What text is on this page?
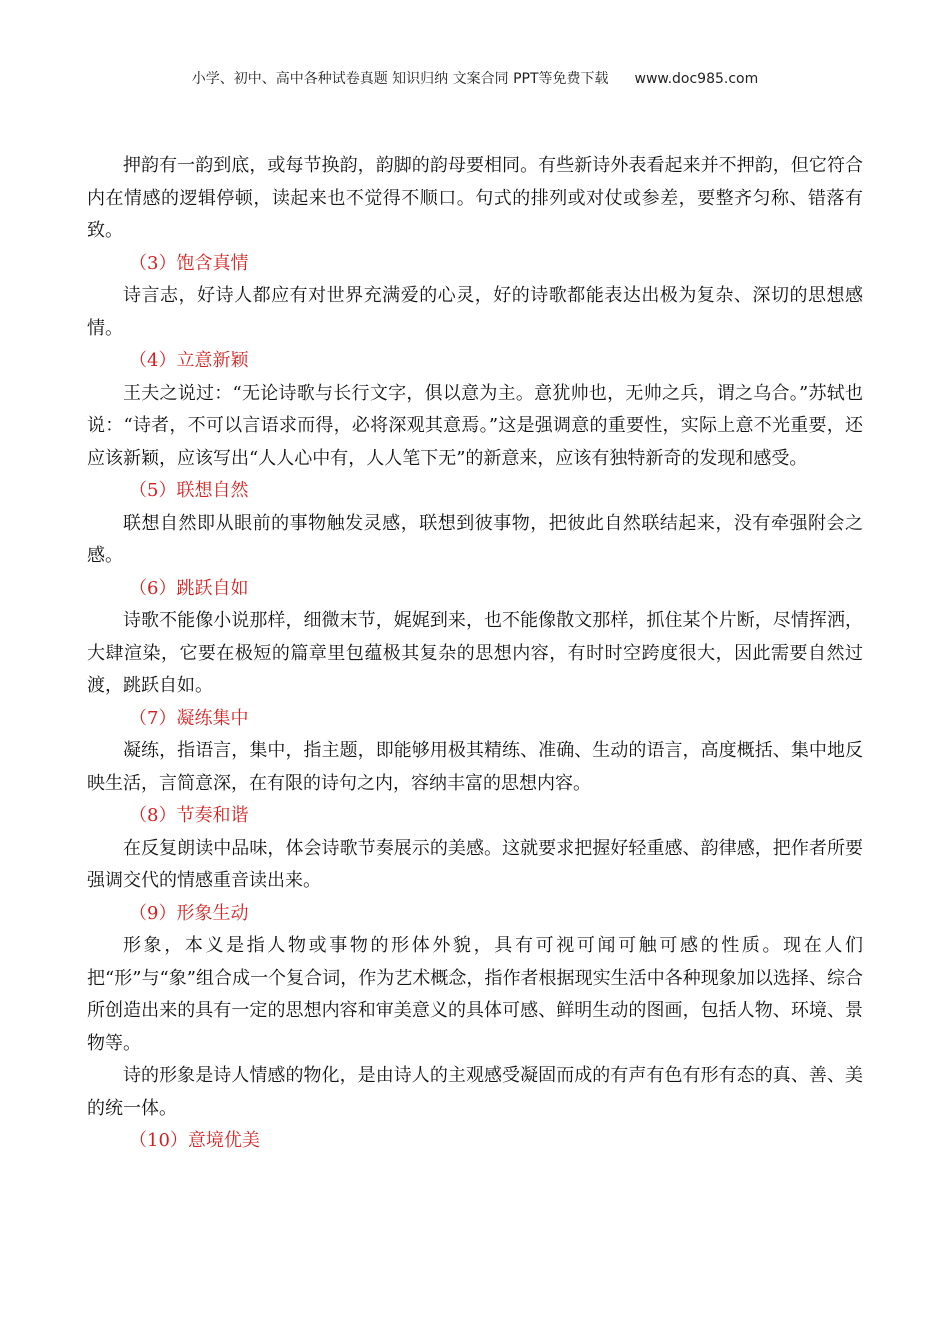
小学、初中、高中各种试卷真题 知识归纳 文案合同 PPT等免费下载 www.doc985.com

押韵有一韵到底，或每节换韵，韵脚的韵母要相同。有些新诗外表看起来并不押韵，但它符合内在情感的逻辑停顿，读起来也不觉得不顺口。句式的排列或对仗或参差，要整齐匀称、错落有致。

（3）饱含真情

诗言志，好诗人都应有对世界充满爱的心灵，好的诗歌都能表达出极为复杂、深切的思想感情。

（4）立意新颖

王夫之说过：“无论诗歌与长行文字，俱以意为主。意犹帅也，无帅之兵，谓之乌合。”苏轼也说：“诗者，不可以言语求而得，必将深观其意焉。”这是强调意的重要性，实际上意不光重要，还应该新颖，应该写出“人人心中有，人人笔下无”的新意来，应该有独特新奇的发现和感受。

（5）联想自然

联想自然即从眼前的事物触发灵感，联想到彼事物，把彼此自然联结起来，没有牵强附会之感。

（6）跳跃自如

诗歌不能像小说那样，细微末节，娓娓到来，也不能像散文那样，抓住某个片断，尽情挥洒，大肆渲染，它要在极短的篇章里包蕴极其复杂的思想内容，有时时空跨度很大，因此需要自然过渡，跳跃自如。

（7）凝练集中

凝练，指语言，集中，指主题，即能够用极其精练、准确、生动的语言，高度概括、集中地反映生活，言简意深，在有限的诗句之内，容纳丰富的思想内容。

（8）节奏和谐

在反复朗读中品味，体会诗歌节奏展示的美感。这就要求把握好轻重感、韵律感，把作者所要强调交代的情感重音读出来。

（9）形象生动

形象，本义是指人物或事物的形体外貌，具有可视可闻可触可感的性质。现在人们把“形”与“象”组合成一个复合词，作为艺术概念，指作者根据现实生活中各种现象加以选择、综合所创造出来的具有一定的思想内容和审美意义的具体可感、鲜明生动的图画，包括人物、环境、景物等。

诗的形象是诗人情感的物化，是由诗人的主观感受凝固而成的有声有色有形有态的真、善、美的统一体。

（10）意境优美
